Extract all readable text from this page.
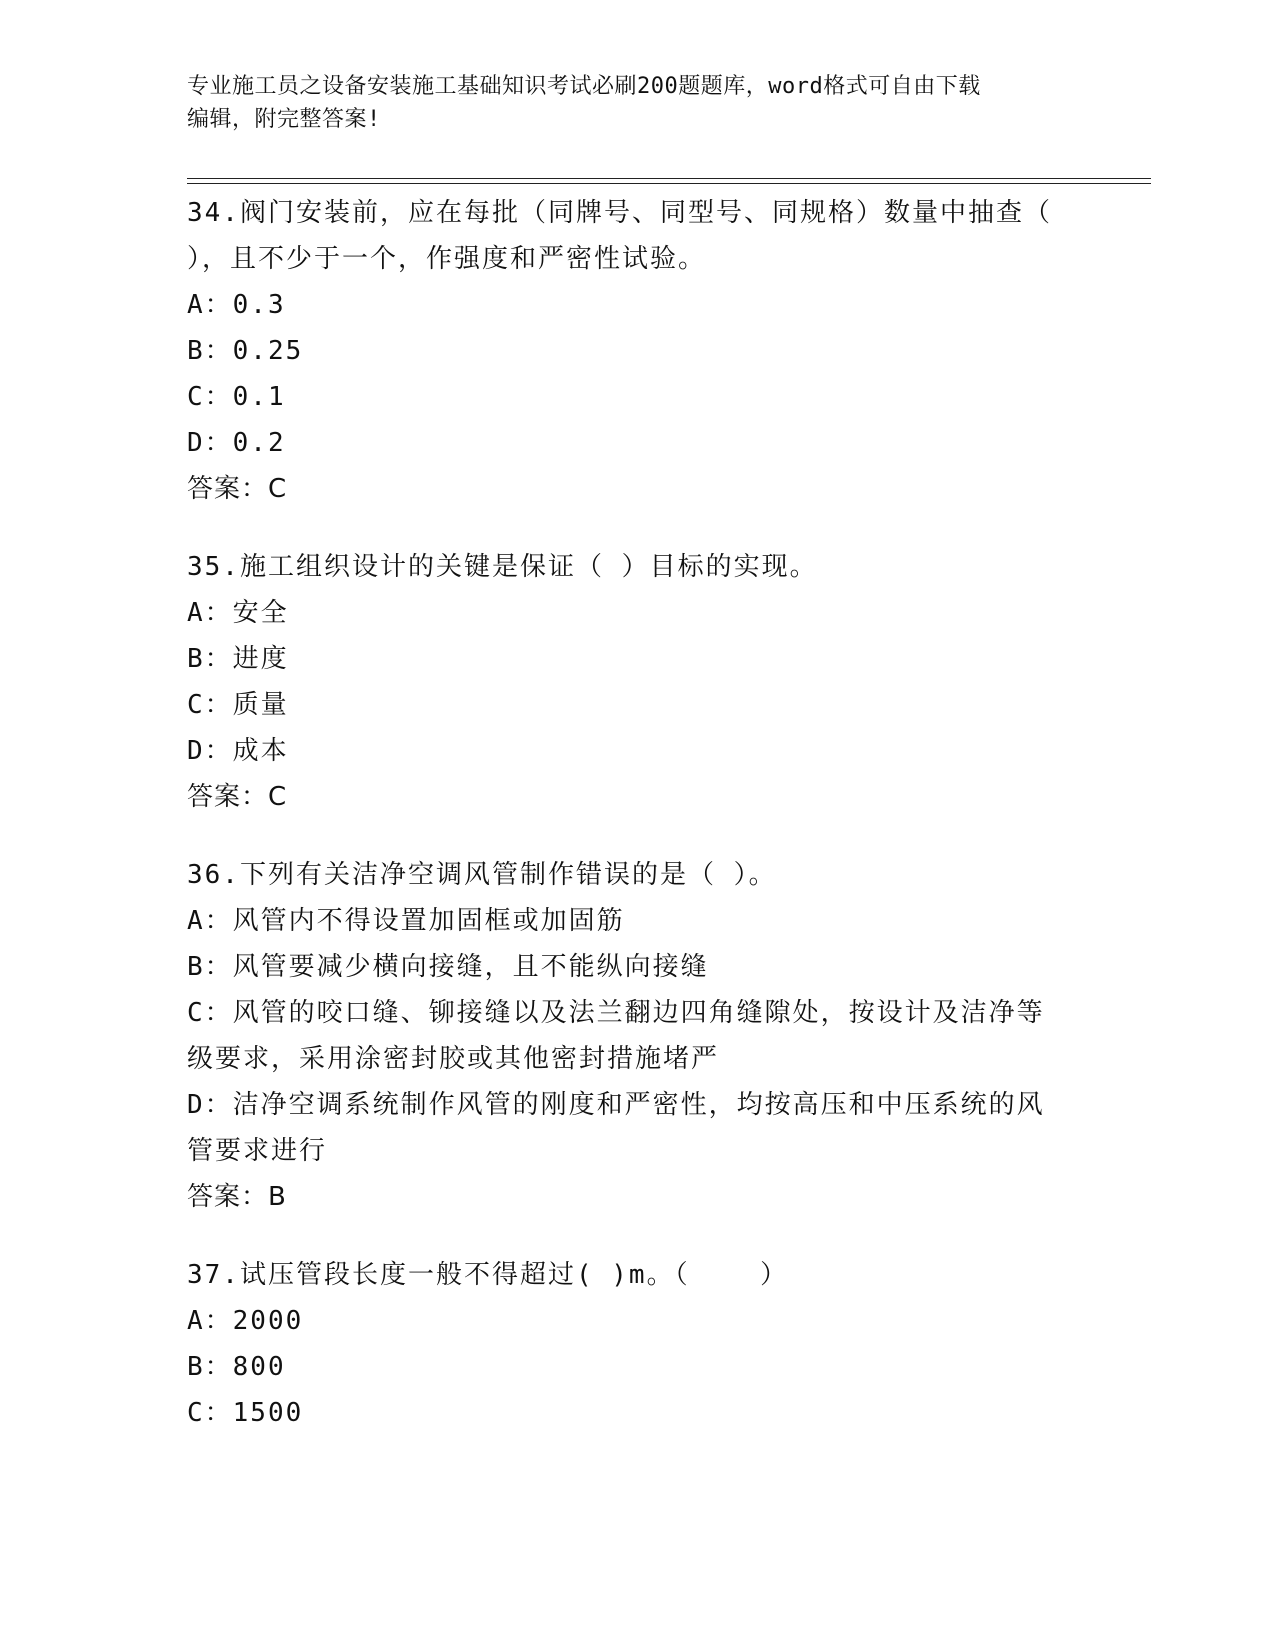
专业施工员之设备安装施工基础知识考试必刷200题题库，word格式可自由下载
编辑，附完整答案!
34.阀门安装前，应在每批（同牌号、同型号、同规格）数量中抽查（
），且不少于一个，作强度和严密性试验。
A：0.3
B：0.25
C：0.1
D：0.2
答案：C
35.施工组织设计的关键是保证（ ）目标的实现。
A：安全
B：进度
C：质量
D：成本
答案：C
36.下列有关洁净空调风管制作错误的是（ ）。
A：风管内不得设置加固框或加固筋
B：风管要减少横向接缝，且不能纵向接缝
C：风管的咬口缝、铆接缝以及法兰翻边四角缝隙处，按设计及洁净等
级要求，采用涂密封胶或其他密封措施堵严
D：洁净空调系统制作风管的刚度和严密性，均按高压和中压系统的风
管要求进行
答案：B
37.试压管段长度一般不得超过( )m。（    ）
A：2000
B：800
C：1500
